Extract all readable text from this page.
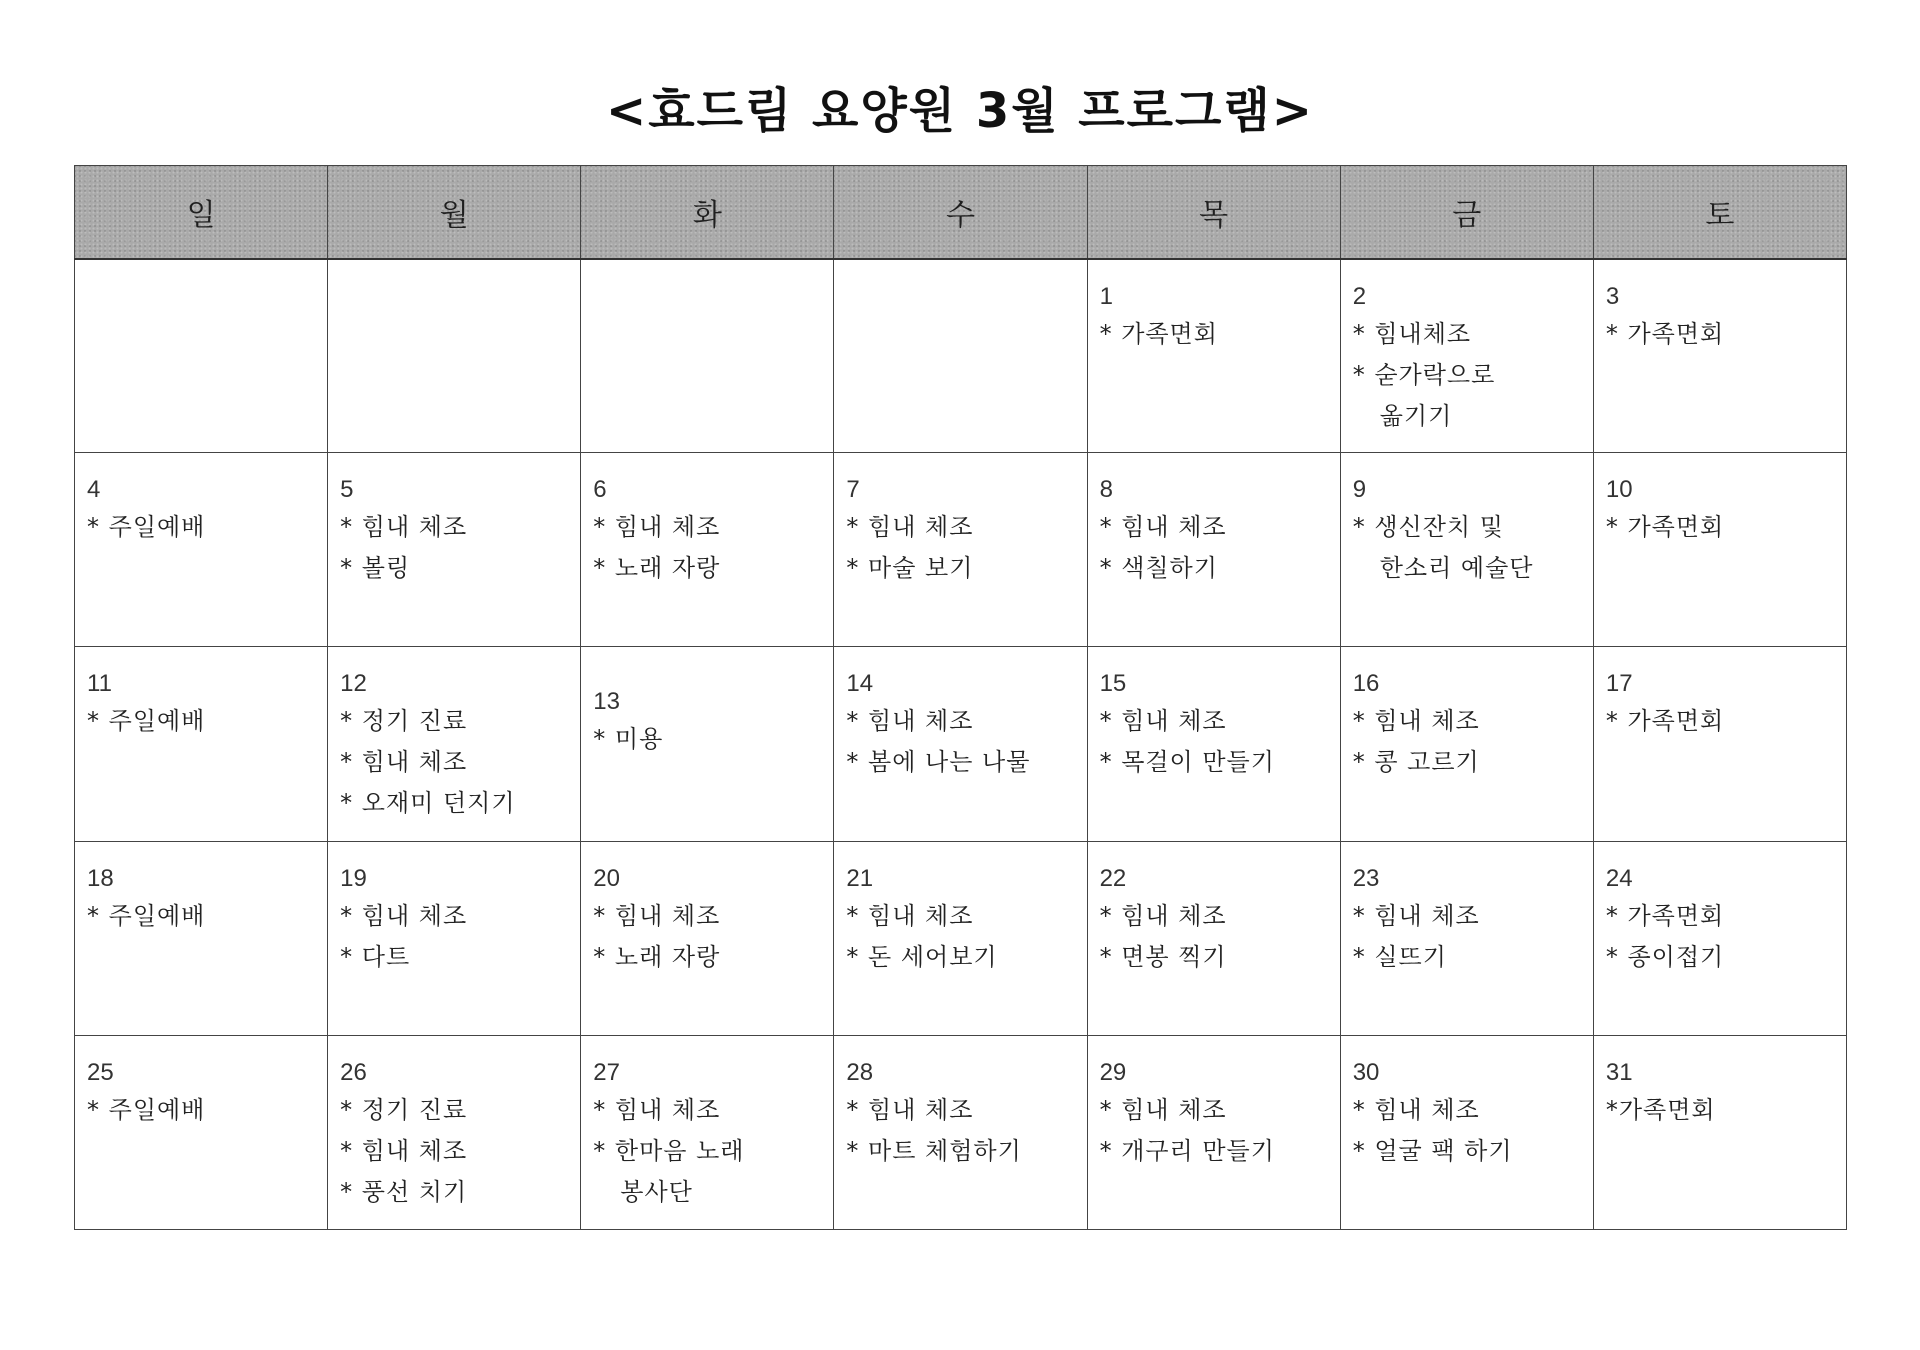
<효드림 요양원 3월 프로그램>
일	월	화	수	목	금	토

				1
* 가족면회	2
* 힘내체조
* 숟가락으로
옮기기	3
* 가족면회

4
* 주일예배	5
* 힘내 체조
* 볼링	6
* 힘내 체조
* 노래 자랑	7
* 힘내 체조
* 마술 보기	8
* 힘내 체조
* 색칠하기	9
* 생신잔치 및
한소리 예술단	10
* 가족면회

11
* 주일예배	12
* 정기 진료
* 힘내 체조
* 오재미 던지기	13
* 미용	14
* 힘내 체조
* 봄에 나는 나물	15
* 힘내 체조
* 목걸이 만들기	16
* 힘내 체조
* 콩 고르기	17
* 가족면회

18
* 주일예배	19
* 힘내 체조
* 다트	20
* 힘내 체조
* 노래 자랑	21
* 힘내 체조
* 돈 세어보기	22
* 힘내 체조
* 면봉 찍기	23
* 힘내 체조
* 실뜨기	24
* 가족면회
* 종이접기

25
* 주일예배	26
* 정기 진료
* 힘내 체조
* 풍선 치기	27
* 힘내 체조
* 한마음 노래
봉사단	28
* 힘내 체조
* 마트 체험하기	29
* 힘내 체조
* 개구리 만들기	30
* 힘내 체조
* 얼굴 팩 하기	31
*가족면회
